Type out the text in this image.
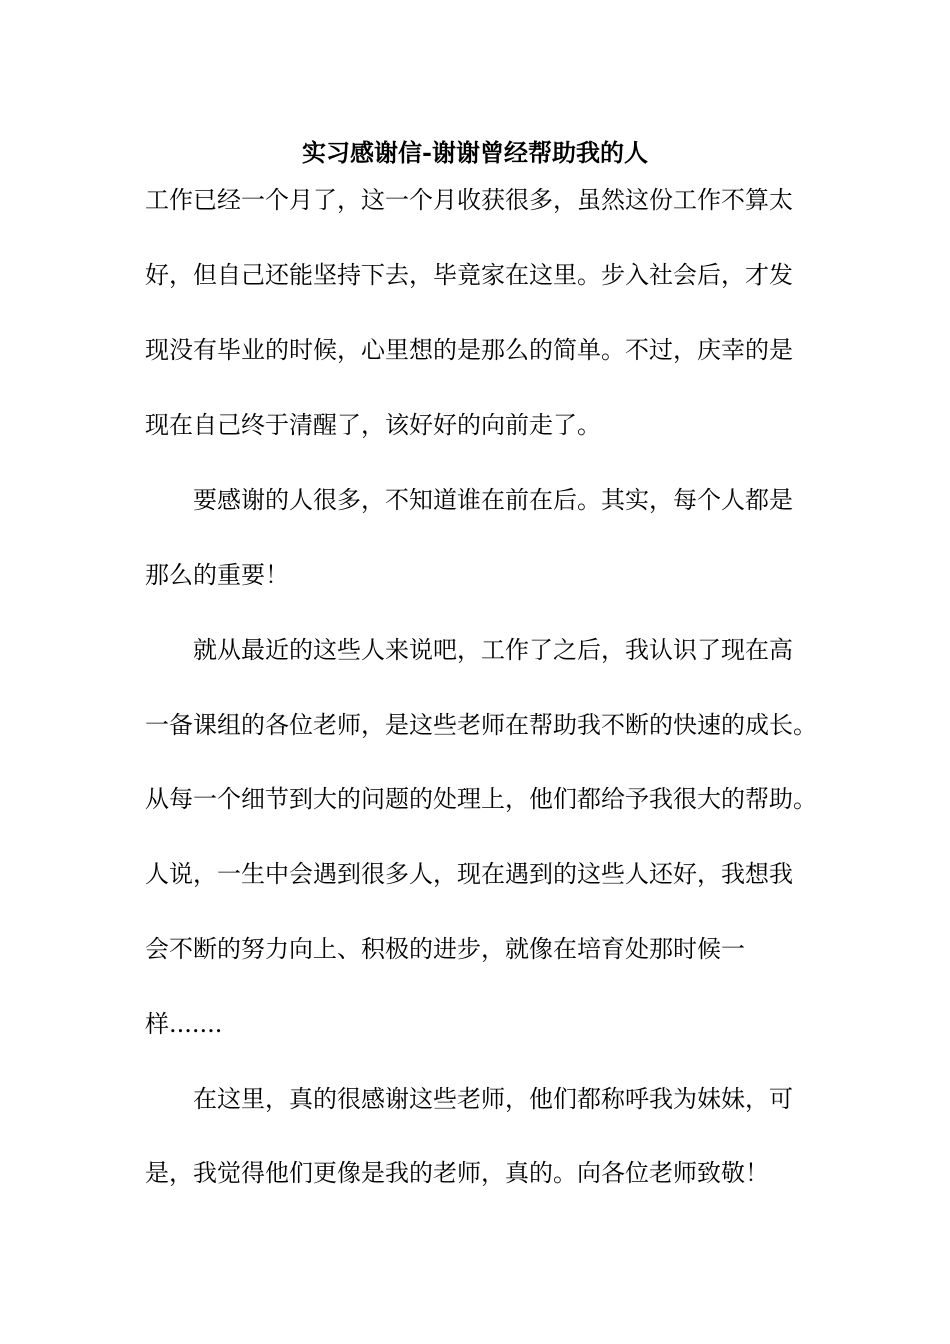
实习感谢信-谢谢曾经帮助我的人
工作已经一个月了，这一个月收获很多，虽然这份工作不算太
好，但自己还能坚持下去，毕竟家在这里。步入社会后，才发
现没有毕业的时候，心里想的是那么的简单。不过，庆幸的是
现在自己终于清醒了，该好好的向前走了。
　　要感谢的人很多，不知道谁在前在后。其实，每个人都是
那么的重要！
　　就从最近的这些人来说吧，工作了之后，我认识了现在高
一备课组的各位老师，是这些老师在帮助我不断的快速的成长。
从每一个细节到大的问题的处理上，他们都给予我很大的帮助。
人说，一生中会遇到很多人，现在遇到的这些人还好，我想我
会不断的努力向上、积极的进步，就像在培育处那时候一
样.......
　　在这里，真的很感谢这些老师，他们都称呼我为妹妹，可
是，我觉得他们更像是我的老师，真的。向各位老师致敬！
